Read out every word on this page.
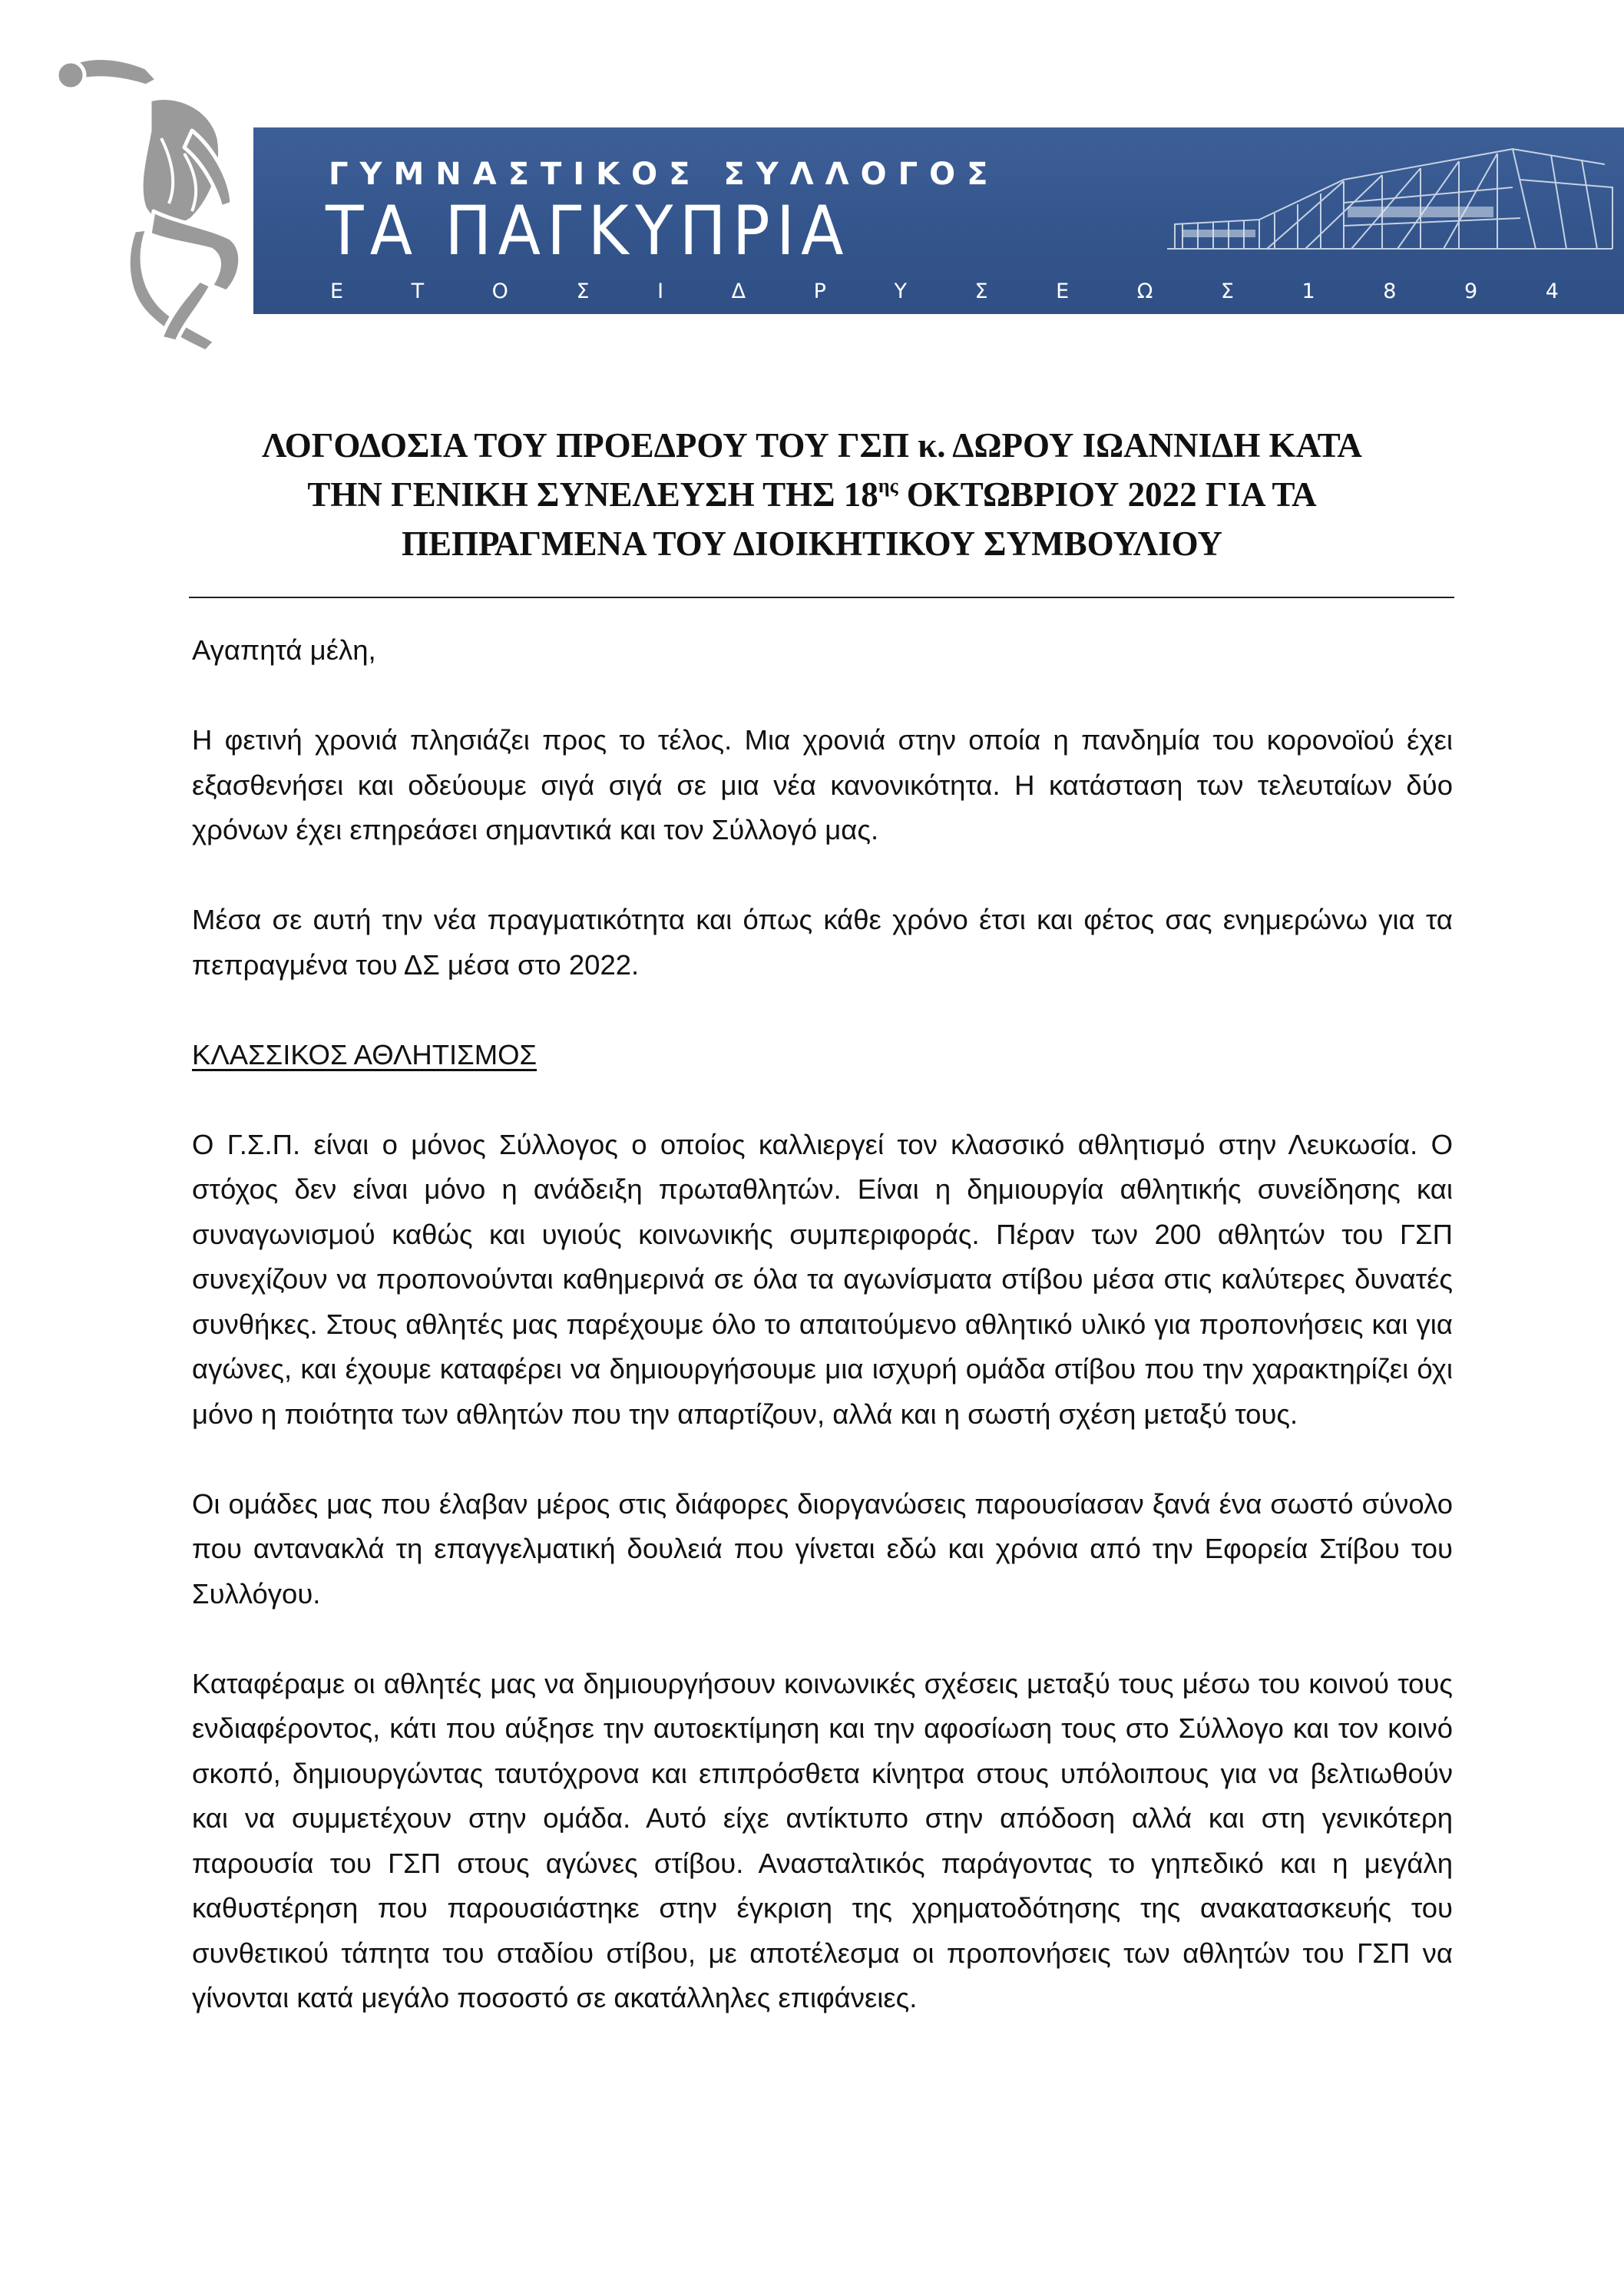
ΓΥΜΝΑΣΤΙΚΟΣ ΣΥΛΛΟΓΟΣ
ΤΑ ΠΑΓΚΥΠΡΙΑ
Ε	Τ	Ο	Σ	Ι	Δ	Ρ	Υ	Σ	Ε	Ω	Σ	1	8	9	4
ΛΟΓΟΔΟΣΙΑ ΤΟΥ ΠΡΟΕΔΡΟΥ ΤΟΥ ΓΣΠ κ. ΔΩΡΟΥ ΙΩΑΝΝΙΔΗ ΚΑΤΑ
ΤΗΝ ΓΕΝΙΚΗ ΣΥΝΕΛΕΥΣΗ ΤΗΣ $18^{\eta\varsigma}$ ΟΚΤΩΒΡΙΟΥ 2022 ΓΙΑ ΤΑ
ΠΕΠΡΑΓΜΕΝΑ ΤΟΥ ΔΙΟΙΚΗΤΙΚΟΥ ΣΥΜΒΟΥΛΙΟΥ

Αγαπητά μέλη,

Η φετινή χρονιά πλησιάζει προς το τέλος. Μια χρονιά στην οποία η πανδημία του κορονοϊού έχει εξασθενήσει και οδεύουμε σιγά σιγά σε μια νέα κανονικότητα. Η κατάσταση των τελευταίων δύο χρόνων έχει επηρεάσει σημαντικά και τον Σύλλογό μας.

Μέσα σε αυτή την νέα πραγματικότητα και όπως κάθε χρόνο έτσι και φέτος σας ενημερώνω για τα πεπραγμένα του ΔΣ μέσα στο 2022.

ΚΛΑΣΣΙΚΟΣ ΑΘΛΗΤΙΣΜΟΣ

Ο Γ.Σ.Π. είναι ο μόνος Σύλλογος ο οποίος καλλιεργεί τον κλασσικό αθλητισμό στην Λευκωσία. Ο στόχος δεν είναι μόνο η ανάδειξη πρωταθλητών. Είναι η δημιουργία αθλητικής συνείδησης και συναγωνισμού καθώς και υγιούς κοινωνικής συμπεριφοράς. Πέραν των 200 αθλητών του ΓΣΠ συνεχίζουν να προπονούνται καθημερινά σε όλα τα αγωνίσματα στίβου μέσα στις καλύτερες δυνατές συνθήκες. Στους αθλητές μας παρέχουμε όλο το απαιτούμενο αθλητικό υλικό για προπονήσεις και για αγώνες, και έχουμε καταφέρει να δημιουργήσουμε μια ισχυρή ομάδα στίβου που την χαρακτηρίζει όχι μόνο η ποιότητα των αθλητών που την απαρτίζουν, αλλά και η σωστή σχέση μεταξύ τους.

Οι ομάδες μας που έλαβαν μέρος στις διάφορες διοργανώσεις παρουσίασαν ξανά ένα σωστό σύνολο που αντανακλά τη επαγγελματική δουλειά που γίνεται εδώ και χρόνια από την Εφορεία Στίβου του Συλλόγου.

Καταφέραμε οι αθλητές μας να δημιουργήσουν κοινωνικές σχέσεις μεταξύ τους μέσω του κοινού τους ενδιαφέροντος, κάτι που αύξησε την αυτοεκτίμηση και την αφοσίωση τους στο Σύλλογο και τον κοινό σκοπό, δημιουργώντας ταυτόχρονα και επιπρόσθετα κίνητρα στους υπόλοιπους για να βελτιωθούν και να συμμετέχουν στην ομάδα. Αυτό είχε αντίκτυπο στην απόδοση αλλά και στη γενικότερη παρουσία του ΓΣΠ στους αγώνες στίβου. Ανασταλτικός παράγοντας το γηπεδικό και η μεγάλη καθυστέρηση που παρουσιάστηκε στην έγκριση της χρηματοδότησης της ανακατασκευής του συνθετικού τάπητα του σταδίου στίβου, με αποτέλεσμα οι προπονήσεις των αθλητών του ΓΣΠ να γίνονται κατά μεγάλο ποσοστό σε ακατάλληλες επιφάνειες.
